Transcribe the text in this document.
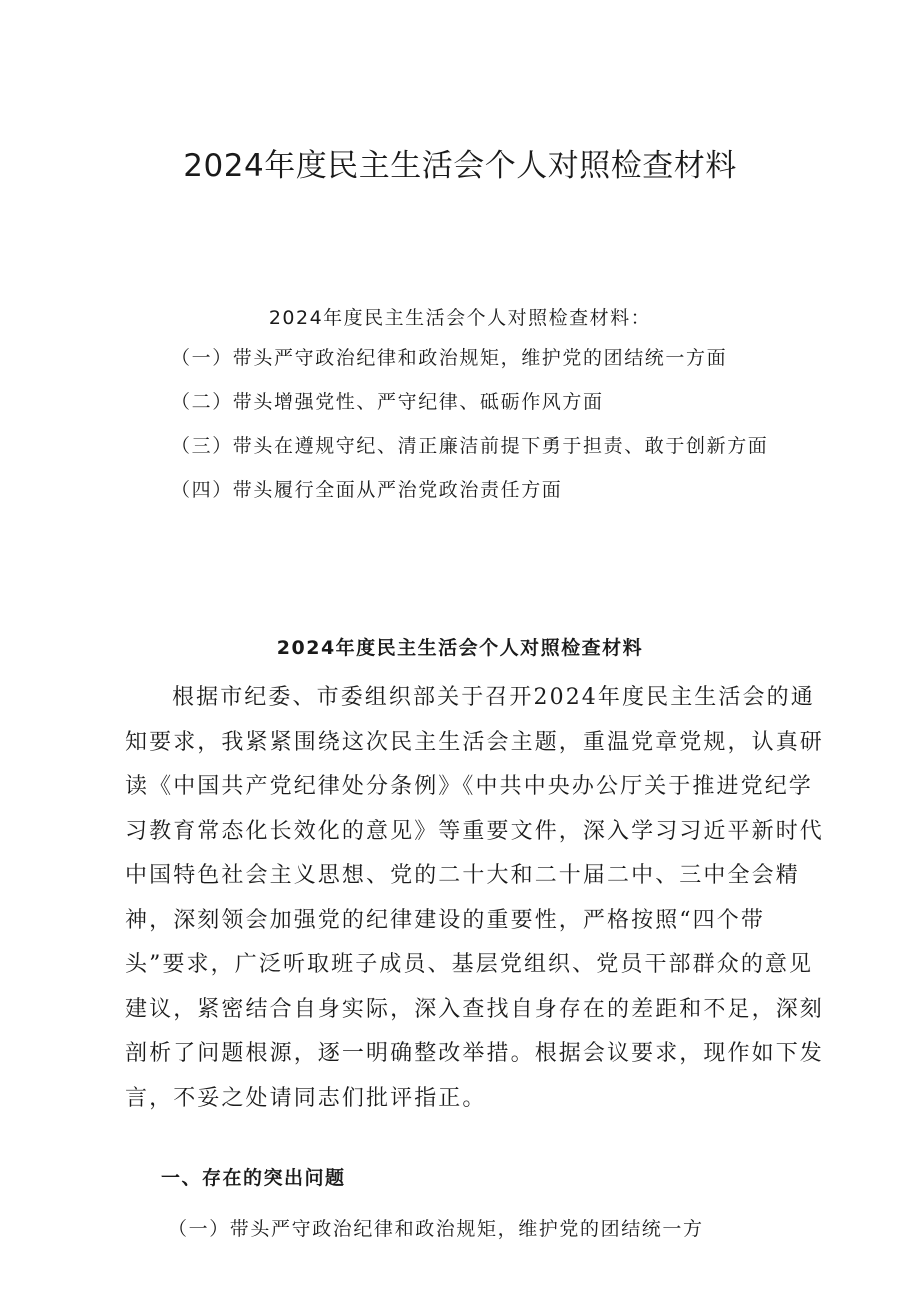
2024年度民主生活会个人对照检查材料

2024年度民主生活会个人对照检查材料：

（一）带头严守政治纪律和政治规矩，维护党的团结统一方面
（二）带头增强党性、严守纪律、砥砺作风方面
（三）带头在遵规守纪、清正廉洁前提下勇于担责、敢于创新方面
（四）带头履行全面从严治党政治责任方面
2024年度民主生活会个人对照检查材料

根据市纪委、市委组织部关于召开2024年度民主生活会的通知要求，我紧紧围绕这次民主生活会主题，重温党章党规，认真研读《中国共产党纪律处分条例》《中共中央办公厅关于推进党纪学习教育常态化长效化的意见》等重要文件，深入学习习近平新时代中国特色社会主义思想、党的二十大和二十届二中、三中全会精神，深刻领会加强党的纪律建设的重要性，严格按照“四个带头”要求，广泛听取班子成员、基层党组织、党员干部群众的意见建议，紧密结合自身实际，深入查找自身存在的差距和不足，深刻剖析了问题根源，逐一明确整改举措。根据会议要求，现作如下发言，不妥之处请同志们批评指正。

一、存在的突出问题

（一）带头严守政治纪律和政治规矩，维护党的团结统一方
